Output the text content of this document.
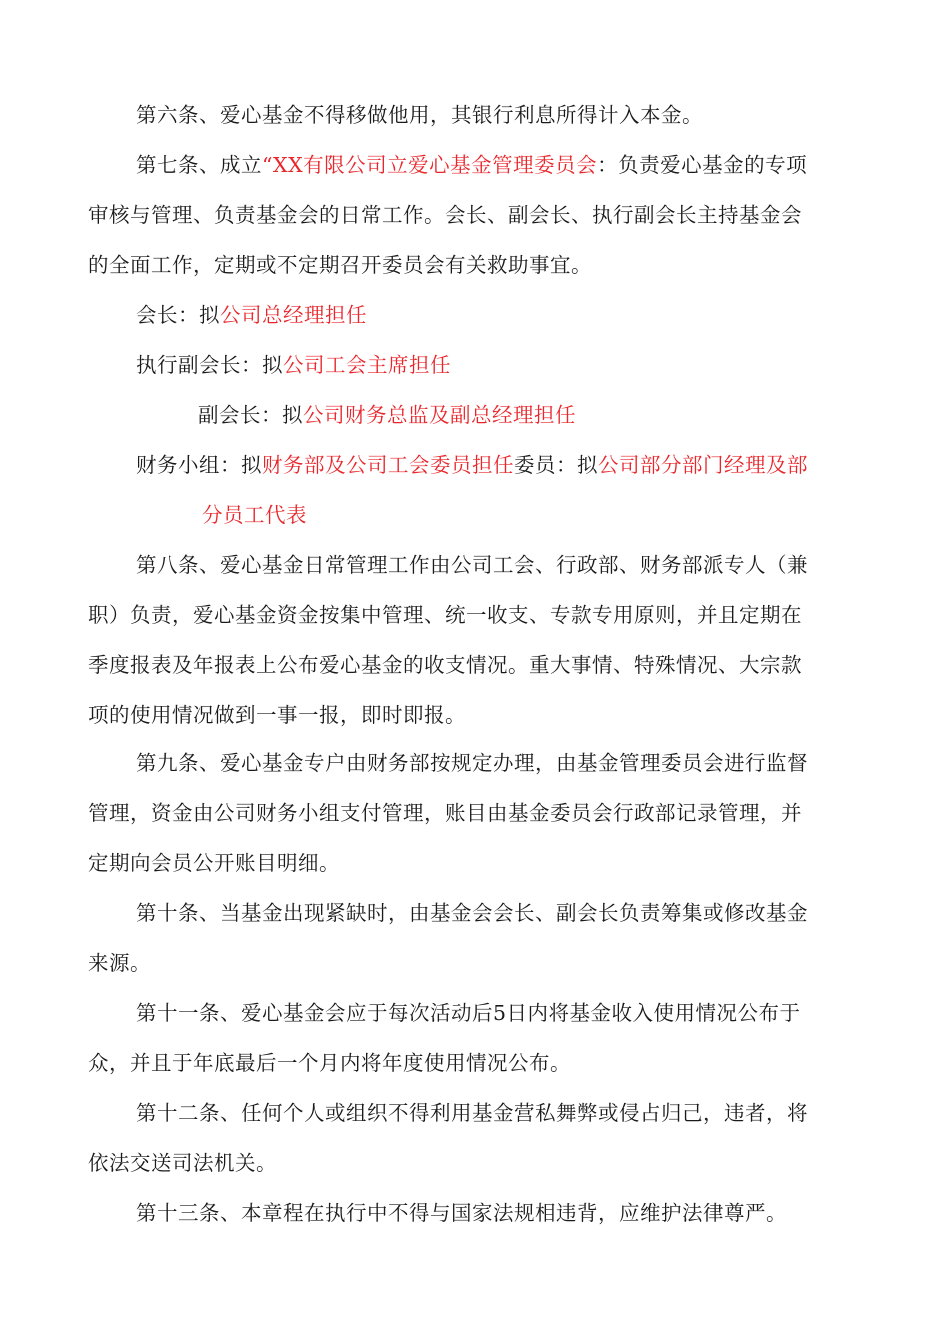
第六条、爱心基金不得移做他用，其银行利息所得计入本金。
第七条、成立“XX有限公司立爱心基金管理委员会：负责爱心基金的专项
审核与管理、负责基金会的日常工作。会长、副会长、执行副会长主持基金会
的全面工作，定期或不定期召开委员会有关救助事宜。
会长：拟公司总经理担任
执行副会长：拟公司工会主席担任
副会长：拟公司财务总监及副总经理担任
财务小组：拟财务部及公司工会委员担任委员：拟公司部分部门经理及部
分员工代表
第八条、爱心基金日常管理工作由公司工会、行政部、财务部派专人（兼
职）负责，爱心基金资金按集中管理、统一收支、专款专用原则，并且定期在
季度报表及年报表上公布爱心基金的收支情况。重大事情、特殊情况、大宗款
项的使用情况做到一事一报，即时即报。
第九条、爱心基金专户由财务部按规定办理，由基金管理委员会进行监督
管理，资金由公司财务小组支付管理，账目由基金委员会行政部记录管理，并
定期向会员公开账目明细。
第十条、当基金出现紧缺时，由基金会会长、副会长负责筹集或修改基金
来源。
第十一条、爱心基金会应于每次活动后5日内将基金收入使用情况公布于
众，并且于年底最后一个月内将年度使用情况公布。
第十二条、任何个人或组织不得利用基金营私舞弊或侵占归己，违者，将
依法交送司法机关。
第十三条、本章程在执行中不得与国家法规相违背，应维护法律尊严。
